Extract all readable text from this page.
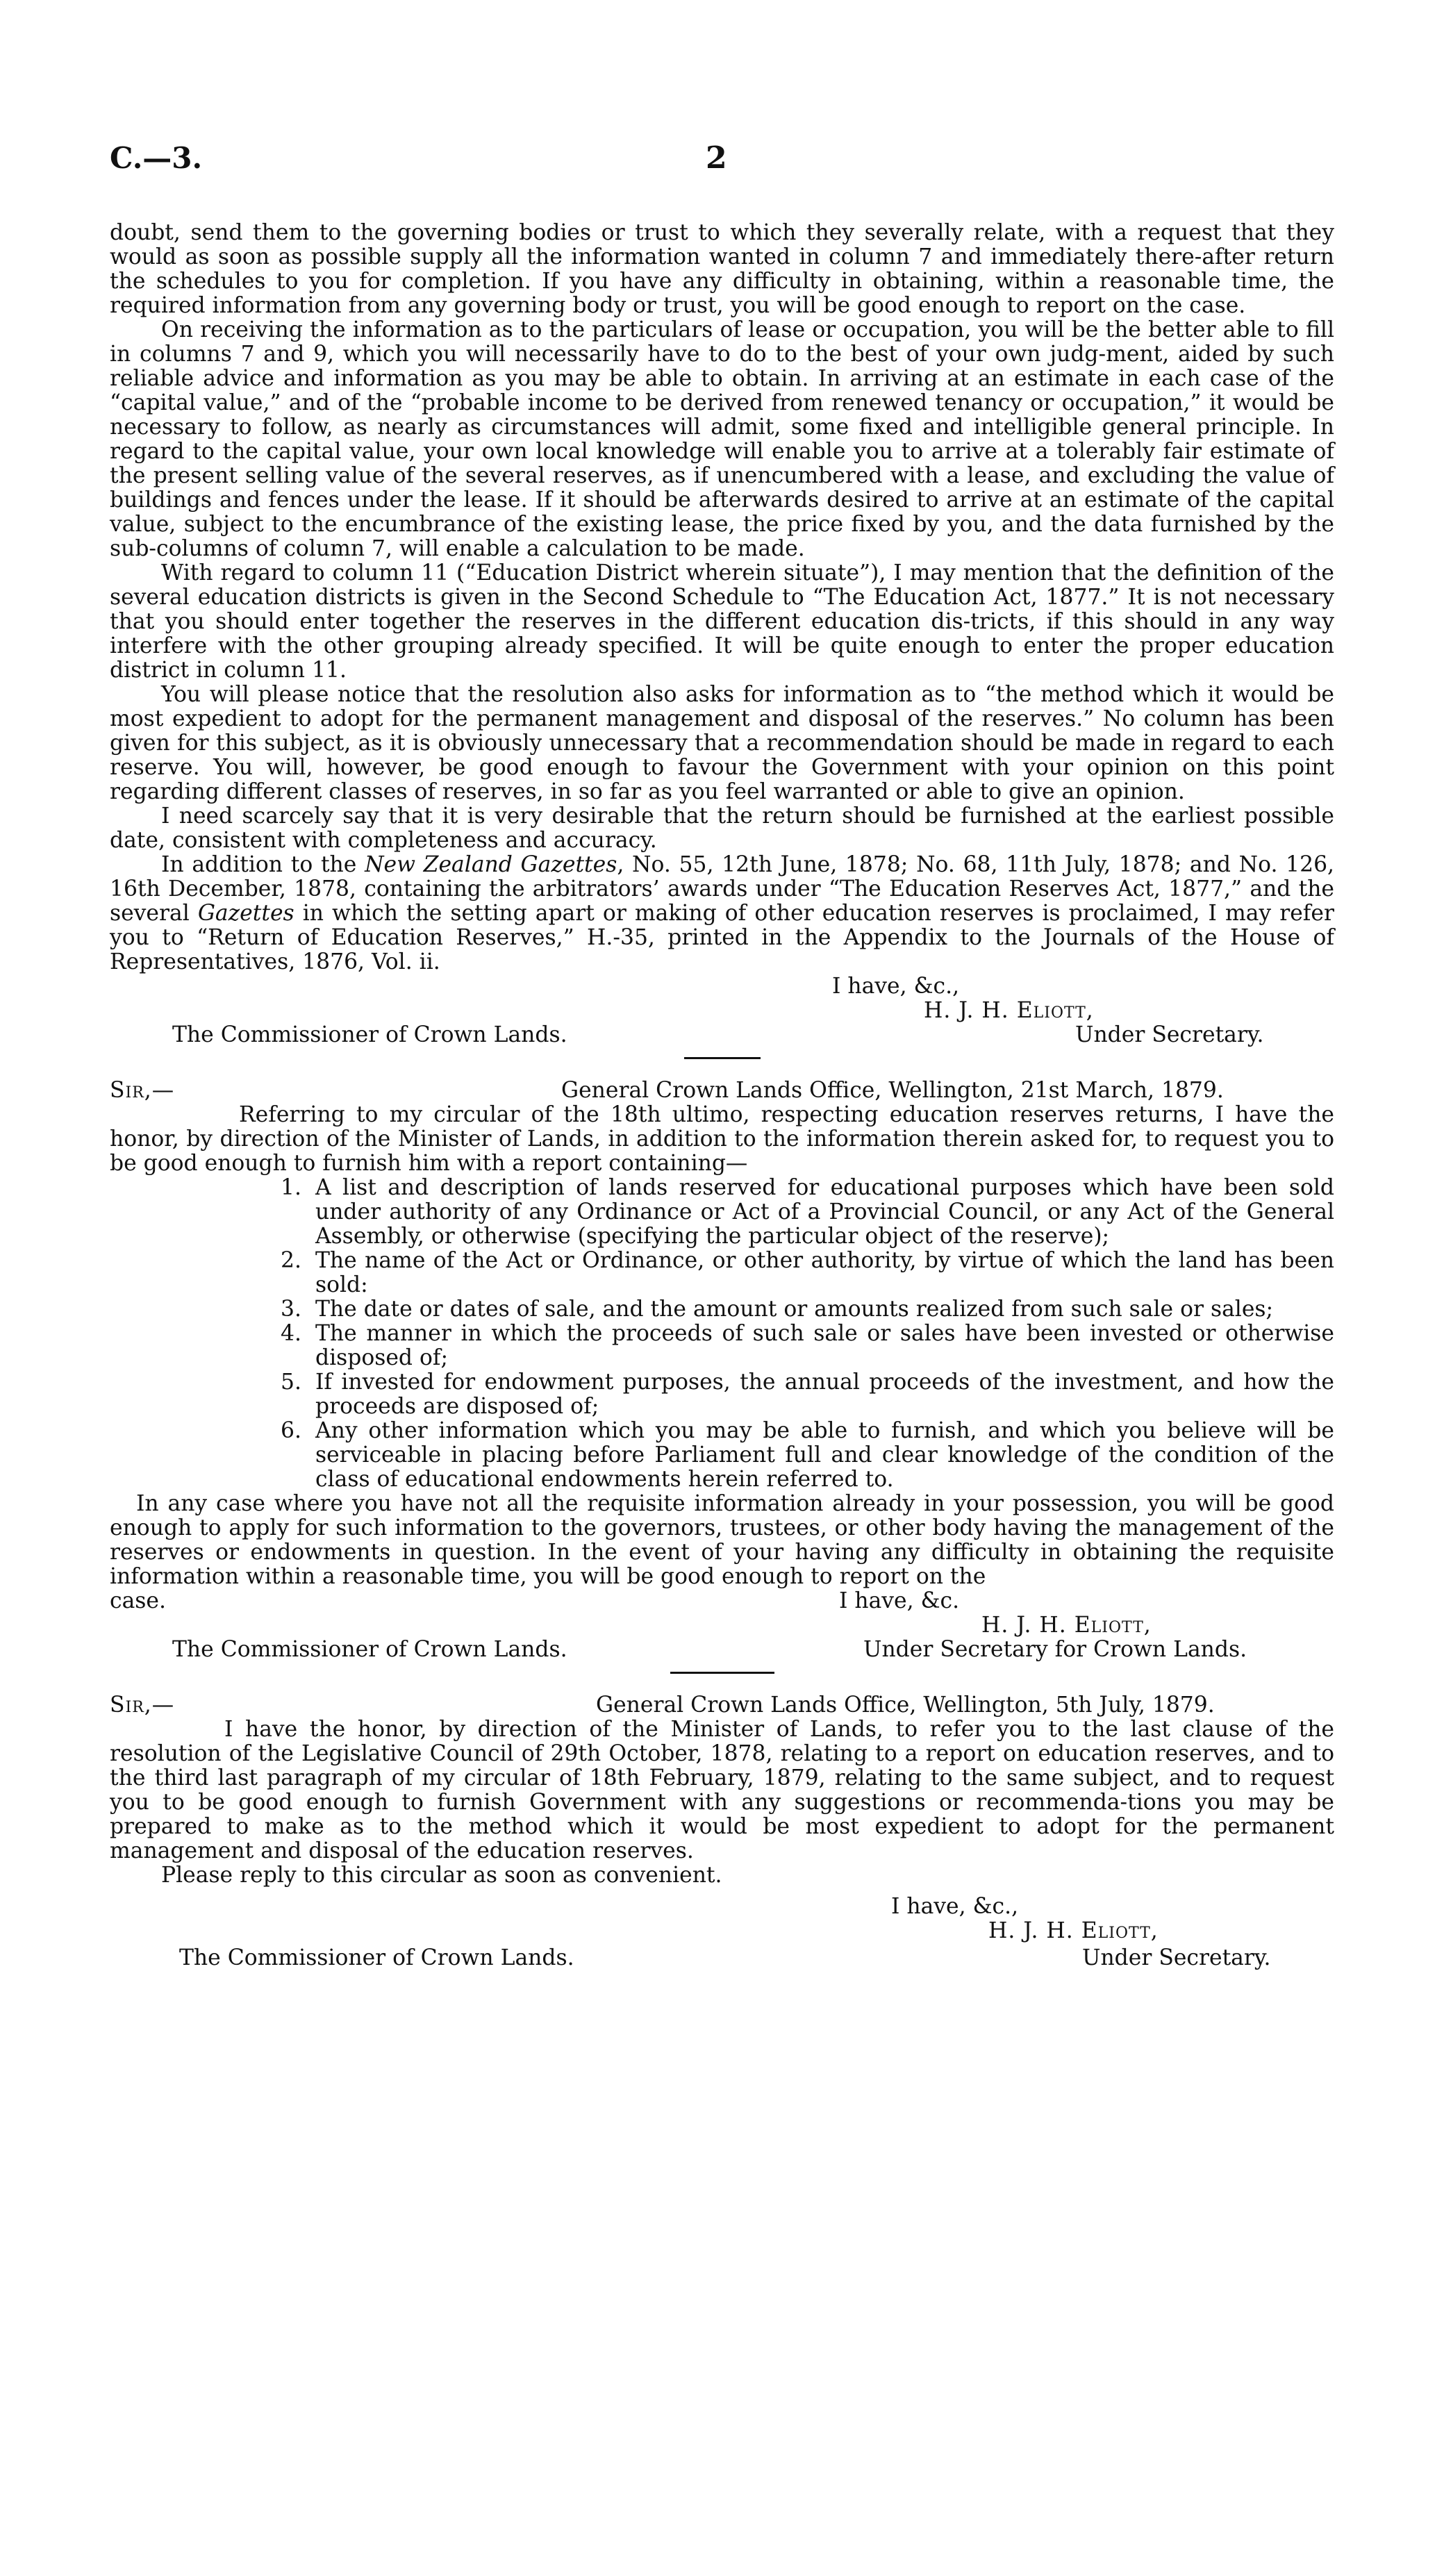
C.—3.	2

doubt, send them to the governing bodies or trust to which they severally relate, with a request that they would as soon as possible supply all the information wanted in column 7 and immediately there-after return the schedules to you for completion. If you have any difficulty in obtaining, within a reasonable time, the required information from any governing body or trust, you will be good enough to report on the case.

On receiving the information as to the particulars of lease or occupation, you will be the better able to fill in columns 7 and 9, which you will necessarily have to do to the best of your own judg-ment, aided by such reliable advice and information as you may be able to obtain. In arriving at an estimate in each case of the “capital value,” and of the “probable income to be derived from renewed tenancy or occupation,” it would be necessary to follow, as nearly as circumstances will admit, some fixed and intelligible general principle. In regard to the capital value, your own local knowledge will enable you to arrive at a tolerably fair estimate of the present selling value of the several reserves, as if unencumbered with a lease, and excluding the value of buildings and fences under the lease. If it should be afterwards desired to arrive at an estimate of the capital value, subject to the encumbrance of the existing lease, the price fixed by you, and the data furnished by the sub-columns of column 7, will enable a calculation to be made.

With regard to column 11 (“Education District wherein situate”), I may mention that the definition of the several education districts is given in the Second Schedule to “The Education Act, 1877.” It is not necessary that you should enter together the reserves in the different education dis-tricts, if this should in any way interfere with the other grouping already specified. It will be quite enough to enter the proper education district in column 11.

You will please notice that the resolution also asks for information as to “the method which it would be most expedient to adopt for the permanent management and disposal of the reserves.” No column has been given for this subject, as it is obviously unnecessary that a recommendation should be made in regard to each reserve. You will, however, be good enough to favour the Government with your opinion on this point regarding different classes of reserves, in so far as you feel warranted or able to give an opinion.

I need scarcely say that it is very desirable that the return should be furnished at the earliest possible date, consistent with completeness and accuracy.

In addition to the New Zealand Gazettes, No. 55, 12th June, 1878; No. 68, 11th July, 1878; and No. 126, 16th December, 1878, containing the arbitrators’ awards under “The Education Reserves Act, 1877,” and the several Gazettes in which the setting apart or making of other education reserves is proclaimed, I may refer you to “Return of Education Reserves,” H.-35, printed in the Appendix to the Journals of the House of Representatives, 1876, Vol. ii.

I have, &c.,
H. J. H. Eliott,
The Commissioner of Crown Lands.	Under Secretary.
Sir,—	General Crown Lands Office, Wellington, 21st March, 1879.

Referring to my circular of the 18th ultimo, respecting education reserves returns, I have the honor, by direction of the Minister of Lands, in addition to the information therein asked for, to request you to be good enough to furnish him with a report containing—

1. A list and description of lands reserved for educational purposes which have been sold under authority of any Ordinance or Act of a Provincial Council, or any Act of the General Assembly, or otherwise (specifying the particular object of the reserve);
2. The name of the Act or Ordinance, or other authority, by virtue of which the land has been sold:
3. The date or dates of sale, and the amount or amounts realized from such sale or sales;
4. The manner in which the proceeds of such sale or sales have been invested or otherwise disposed of;
5. If invested for endowment purposes, the annual proceeds of the investment, and how the proceeds are disposed of;
6. Any other information which you may be able to furnish, and which you believe will be serviceable in placing before Parliament full and clear knowledge of the condition of the class of educational endowments herein referred to.

In any case where you have not all the requisite information already in your possession, you will be good enough to apply for such information to the governors, trustees, or other body having the management of the reserves or endowments in question. In the event of your having any difficulty in obtaining the requisite information within a reasonable time, you will be good enough to report on the

case.	I have, &c.
H. J. H. Eliott,
The Commissioner of Crown Lands.	Under Secretary for Crown Lands.
Sir,—	General Crown Lands Office, Wellington, 5th July, 1879.

I have the honor, by direction of the Minister of Lands, to refer you to the last clause of the resolution of the Legislative Council of 29th October, 1878, relating to a report on education reserves, and to the third last paragraph of my circular of 18th February, 1879, relating to the same subject, and to request you to be good enough to furnish Government with any suggestions or recommenda-tions you may be prepared to make as to the method which it would be most expedient to adopt for the permanent management and disposal of the education reserves.

Please reply to this circular as soon as convenient.

I have, &c.,
H. J. H. Eliott,
The Commissioner of Crown Lands.	Under Secretary.
